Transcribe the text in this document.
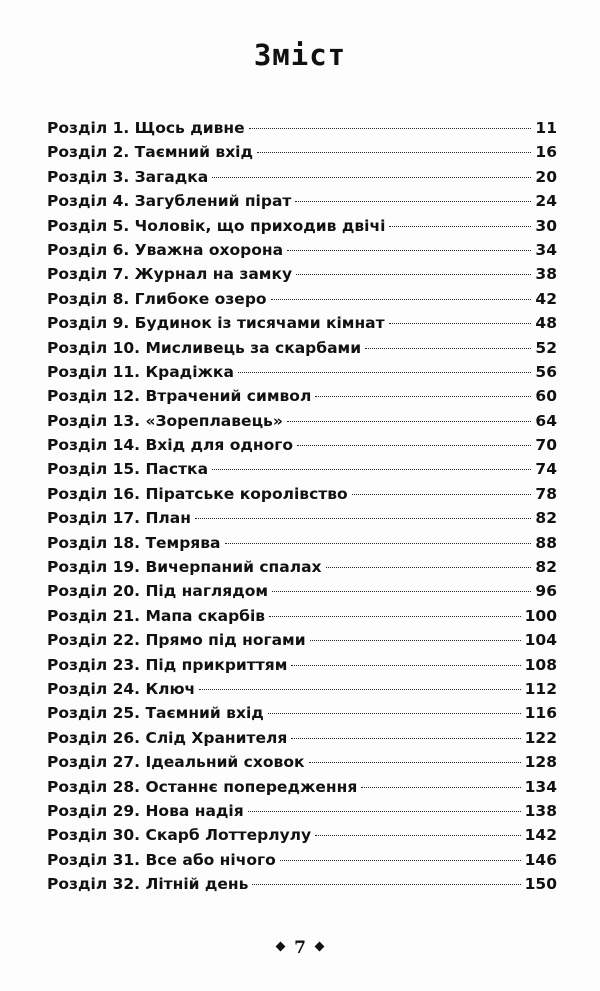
Зміст
Розділ 1. Щось дивне	11
Розділ 2. Таємний вхід	16
Розділ 3. Загадка	20
Розділ 4. Загублений пірат	24
Розділ 5. Чоловік, що приходив двічі	30
Розділ 6. Уважна охорона	34
Розділ 7. Журнал на замку	38
Розділ 8. Глибоке озеро	42
Розділ 9. Будинок із тисячами кімнат	48
Розділ 10. Мисливець за скарбами	52
Розділ 11. Крадіжка	56
Розділ 12. Втрачений символ	60
Розділ 13. «Зореплавець»	64
Розділ 14. Вхід для одного	70
Розділ 15. Пастка	74
Розділ 16. Піратське королівство	78
Розділ 17. План	82
Розділ 18. Темрява	88
Розділ 19. Вичерпаний спалах	82
Розділ 20. Під наглядом	96
Розділ 21. Мапа скарбів	100
Розділ 22. Прямо під ногами	104
Розділ 23. Під прикриттям	108
Розділ 24. Ключ	112
Розділ 25. Таємний вхід	116
Розділ 26. Слід Хранителя	122
Розділ 27. Ідеальний сховок	128
Розділ 28. Останнє попередження	134
Розділ 29. Нова надія	138
Розділ 30. Скарб Лоттерлулу	142
Розділ 31. Все або нічого	146
Розділ 32. Літній день	150
7
